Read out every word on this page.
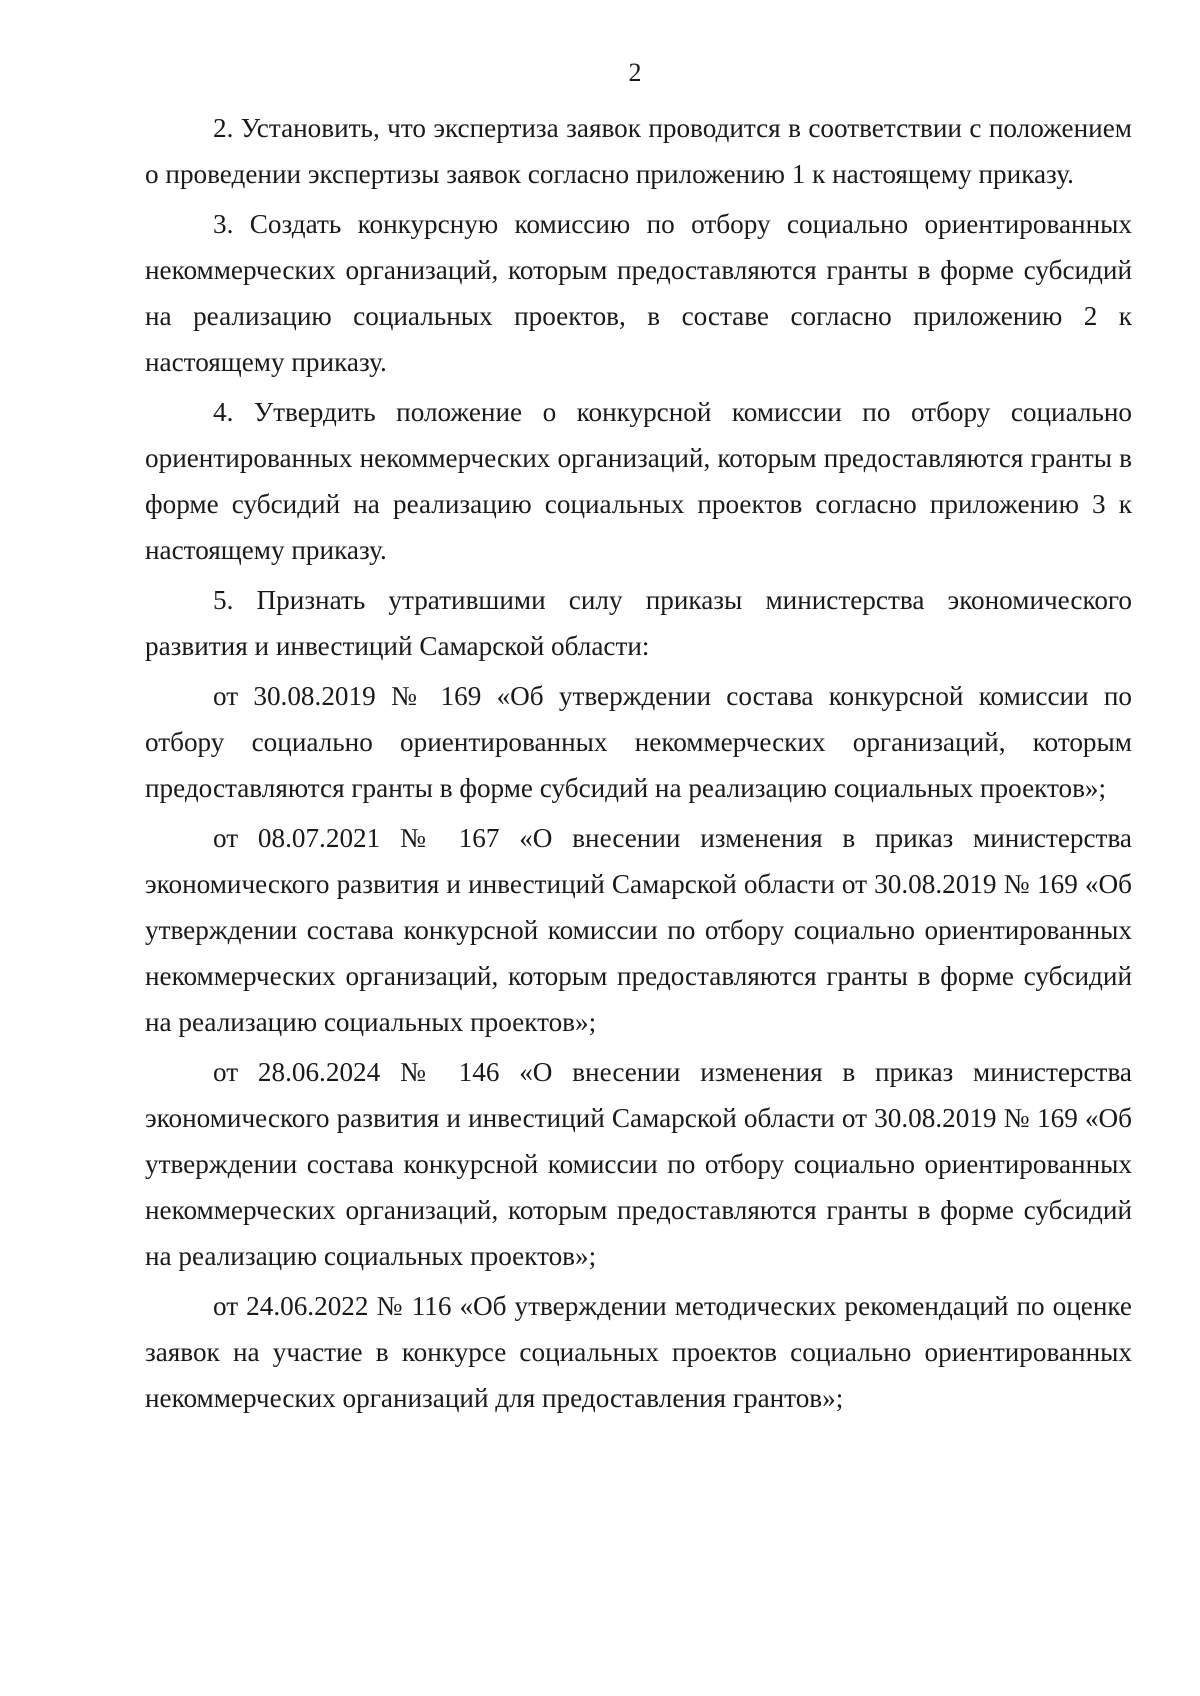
2

2. Установить, что экспертиза заявок проводится в соответствии с положением о проведении экспертизы заявок согласно приложению 1 к настоящему приказу.

3. Создать конкурсную комиссию по отбору социально ориентированных некоммерческих организаций, которым предоставляются гранты в форме субсидий на реализацию социальных проектов, в составе согласно приложению 2 к настоящему приказу.

4. Утвердить положение о конкурсной комиссии по отбору социально ориентированных некоммерческих организаций, которым предоставляются гранты в форме субсидий на реализацию социальных проектов согласно приложению 3 к настоящему приказу.

5. Признать утратившими силу приказы министерства экономического развития и инвестиций Самарской области:

от 30.08.2019 № 169 «Об утверждении состава конкурсной комиссии по отбору социально ориентированных некоммерческих организаций, которым предоставляются гранты в форме субсидий на реализацию социальных проектов»;

от 08.07.2021 № 167 «О внесении изменения в приказ министерства экономического развития и инвестиций Самарской области от 30.08.2019 № 169 «Об утверждении состава конкурсной комиссии по отбору социально ориентированных некоммерческих организаций, которым предоставляются гранты в форме субсидий на реализацию социальных проектов»;

от 28.06.2024 № 146 «О внесении изменения в приказ министерства экономического развития и инвестиций Самарской области от 30.08.2019 № 169 «Об утверждении состава конкурсной комиссии по отбору социально ориентированных некоммерческих организаций, которым предоставляются гранты в форме субсидий на реализацию социальных проектов»;

от 24.06.2022 № 116 «Об утверждении методических рекомендаций по оценке заявок на участие в конкурсе социальных проектов социально ориентированных некоммерческих организаций для предоставления грантов»;
